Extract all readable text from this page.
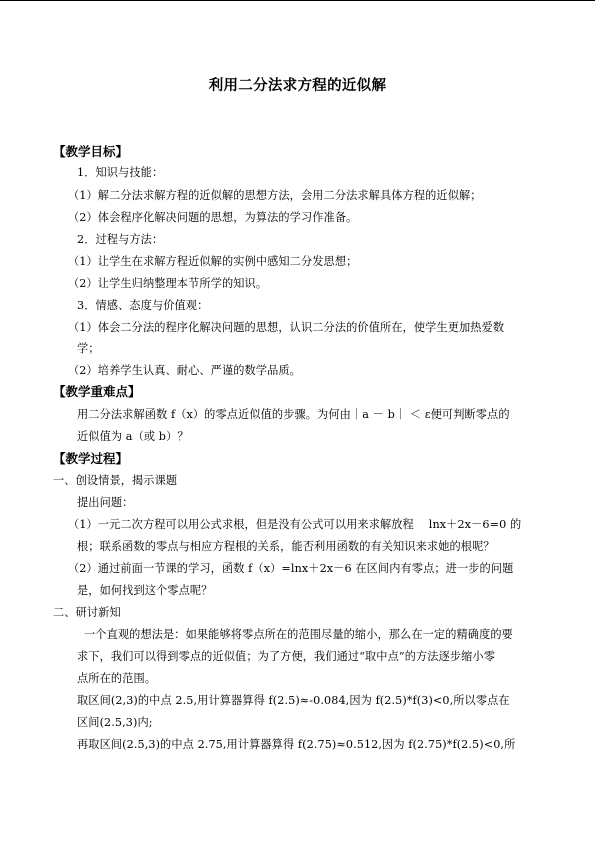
利用二分法求方程的近似解
【教学目标】
1．知识与技能：
（1）解二分法求解方程的近似解的思想方法，会用二分法求解具体方程的近似解；
（2）体会程序化解决问题的思想，为算法的学习作准备。
2．过程与方法：
（1）让学生在求解方程近似解的实例中感知二分发思想；
（2）让学生归纳整理本节所学的知识。
3．情感、态度与价值观：
（1）体会二分法的程序化解决问题的思想，认识二分法的价值所在，使学生更加热爱数
学；
（2）培养学生认真、耐心、严谨的数学品质。
【教学重难点】
用二分法求解函数 f（x）的零点近似值的步骤。为何由｜a － b｜ ＜ ε便可判断零点的
近似值为 a（或 b）？
【教学过程】
一、创设情景，揭示课题
提出问题：
（1）一元二次方程可以用公式求根，但是没有公式可以用来求解放程　 lnx＋2x－6=0 的
根；联系函数的零点与相应方程根的关系，能否利用函数的有关知识来求她的根呢？
（2）通过前面一节课的学习，函数 f（x）=lnx＋2x－6 在区间内有零点；进一步的问题
是，如何找到这个零点呢？
二、研讨新知
一个直观的想法是：如果能够将零点所在的范围尽量的缩小，那么在一定的精确度的要
求下，我们可以得到零点的近似值；为了方便，我们通过“取中点”的方法逐步缩小零
点所在的范围。
取区间(2,3)的中点 2.5,用计算器算得 f(2.5)≈-0.084,因为 f(2.5)*f(3)<0,所以零点在
区间(2.5,3)内;
再取区间(2.5,3)的中点 2.75,用计算器算得 f(2.75)≈0.512,因为 f(2.75)*f(2.5)<0,所
